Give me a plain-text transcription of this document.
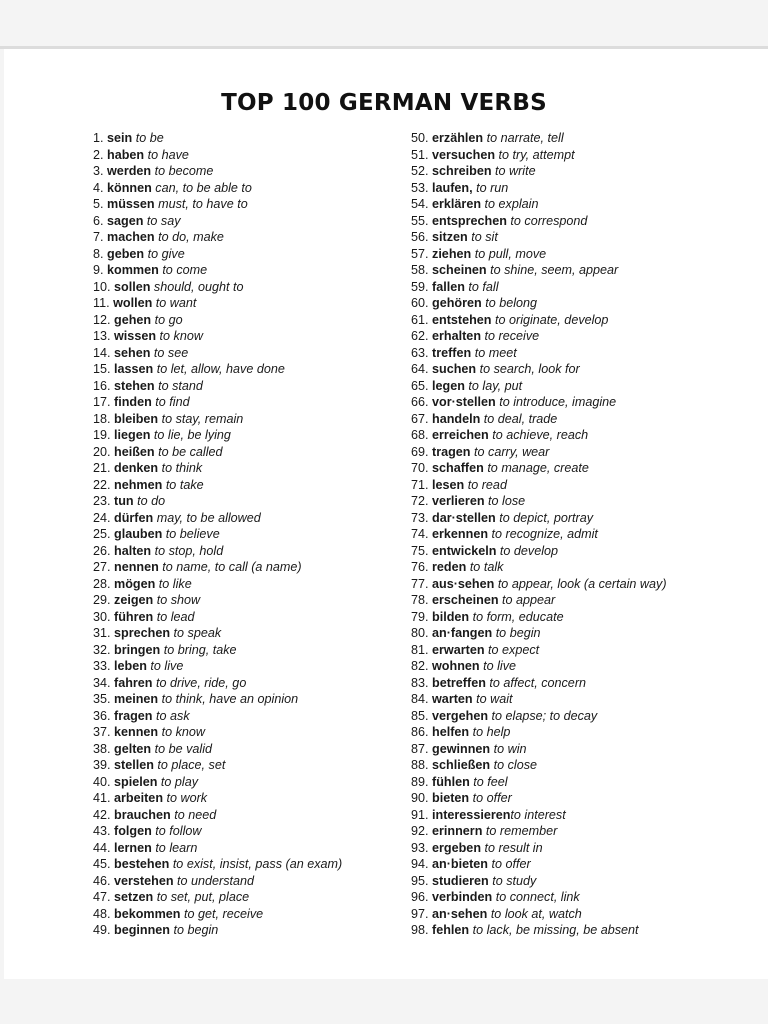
TOP 100 GERMAN VERBS
1. sein to be
2. haben to have
3. werden to become
4. können can, to be able to
5. müssen must, to have to
6. sagen to say
7. machen to do, make
8. geben to give
9. kommen to come
10. sollen should, ought to
11. wollen to want
12. gehen to go
13. wissen to know
14. sehen to see
15. lassen to let, allow, have done
16. stehen to stand
17. finden to find
18. bleiben to stay, remain
19. liegen to lie, be lying
20. heißen to be called
21. denken to think
22. nehmen to take
23. tun to do
24. dürfen may, to be allowed
25. glauben to believe
26. halten to stop, hold
27. nennen to name, to call (a name)
28. mögen to like
29. zeigen to show
30. führen to lead
31. sprechen to speak
32. bringen to bring, take
33. leben to live
34. fahren to drive, ride, go
35. meinen to think, have an opinion
36. fragen to ask
37. kennen to know
38. gelten to be valid
39. stellen to place, set
40. spielen to play
41. arbeiten to work
42. brauchen to need
43. folgen to follow
44. lernen to learn
45. bestehen to exist, insist, pass (an exam)
46. verstehen to understand
47. setzen to set, put, place
48. bekommen to get, receive
49. beginnen to begin
50. erzählen to narrate, tell
51. versuchen to try, attempt
52. schreiben to write
53. laufen, to run
54. erklären to explain
55. entsprechen to correspond
56. sitzen to sit
57. ziehen to pull, move
58. scheinen to shine, seem, appear
59. fallen to fall
60. gehören to belong
61. entstehen to originate, develop
62. erhalten to receive
63. treffen to meet
64. suchen to search, look for
65. legen to lay, put
66. vor·stellen to introduce, imagine
67. handeln to deal, trade
68. erreichen to achieve, reach
69. tragen to carry, wear
70. schaffen to manage, create
71. lesen to read
72. verlieren to lose
73. dar·stellen to depict, portray
74. erkennen to recognize, admit
75. entwickeln to develop
76. reden to talk
77. aus·sehen to appear, look (a certain way)
78. erscheinen to appear
79. bilden to form, educate
80. an·fangen to begin
81. erwarten to expect
82. wohnen to live
83. betreffen to affect, concern
84. warten to wait
85. vergehen to elapse; to decay
86. helfen to help
87. gewinnen to win
88. schließen to close
89. fühlen to feel
90. bieten to offer
91. interessierento interest
92. erinnern to remember
93. ergeben to result in
94. an·bieten to offer
95. studieren to study
96. verbinden to connect, link
97. an·sehen to look at, watch
98. fehlen to lack, be missing, be absent
